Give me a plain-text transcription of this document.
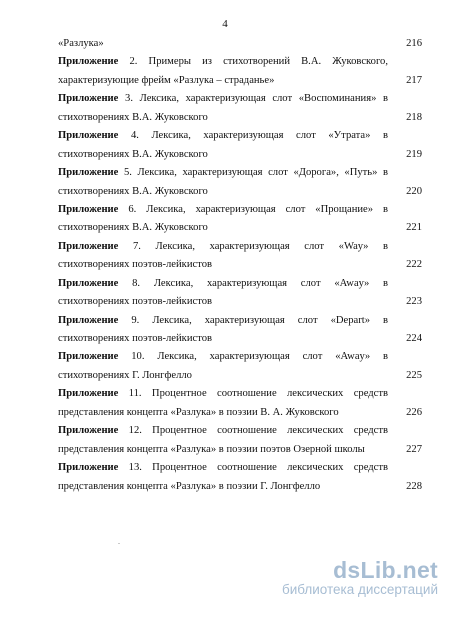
4
«Разлука»	216
Приложение 2. Примеры из стихотворений В.А. Жуковского,
характеризующие фрейм «Разлука – страданье»	217
Приложение 3. Лексика, характеризующая слот «Воспоминания» в
стихотворениях В.А. Жуковского	218
Приложение 4. Лексика, характеризующая слот «Утрата» в
стихотворениях В.А. Жуковского	219
Приложение 5. Лексика, характеризующая слот «Дорога», «Путь» в
стихотворениях В.А. Жуковского	220
Приложение 6. Лексика, характеризующая слот «Прощание» в
стихотворениях В.А. Жуковского	221
Приложение 7. Лексика, характеризующая слот «Way» в
стихотворениях поэтов-лейкистов	222
Приложение 8. Лексика, характеризующая слот «Away» в
стихотворениях поэтов-лейкистов	223
Приложение 9. Лексика, характеризующая слот «Depart» в
стихотворениях поэтов-лейкистов	224
Приложение 10. Лексика, характеризующая слот «Away» в
стихотворениях Г. Лонгфелло	225
Приложение 11. Процентное соотношение лексических средств
представления концепта «Разлука» в поэзии В. А. Жуковского	226
Приложение 12. Процентное соотношение лексических средств
представления концепта «Разлука» в поэзии поэтов Озерной школы	227
Приложение 13. Процентное соотношение лексических средств
представления концепта «Разлука» в поэзии Г. Лонгфелло	228
.
dsLib.net
библиотека диссертаций
